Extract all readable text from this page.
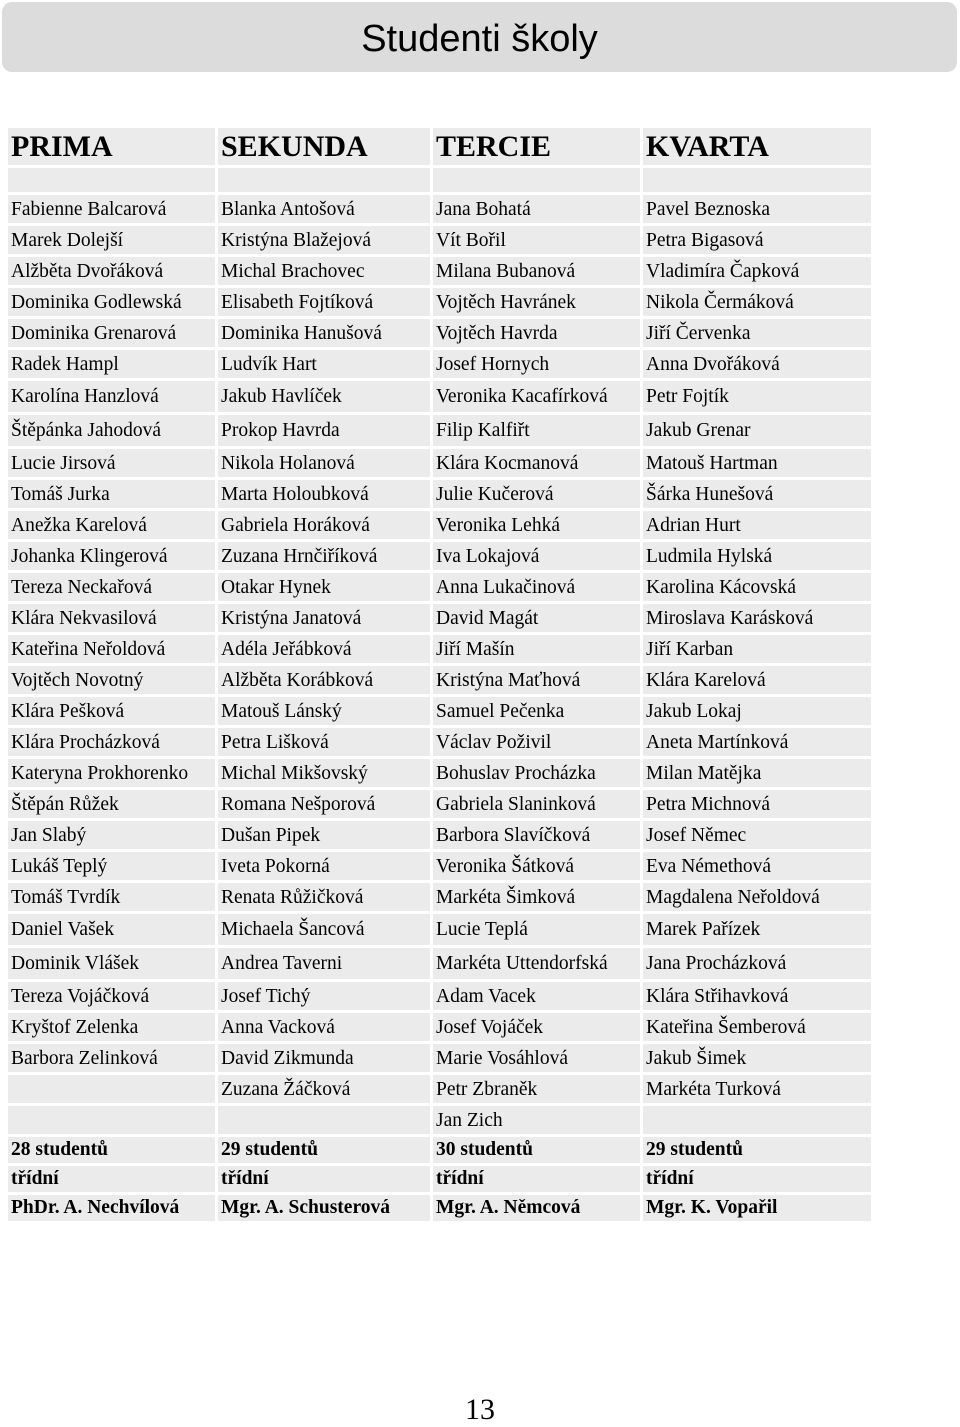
Studenti školy
PRIMA	SEKUNDA	TERCIE	KVARTA

Fabienne Balcarová	Blanka Antošová	Jana Bohatá	Pavel Beznoska
Marek Dolejší	Kristýna Blažejová	Vít Bořil	Petra Bigasová
Alžběta Dvořáková	Michal Brachovec	Milana Bubanová	Vladimíra Čapková
Dominika Godlewská	Elisabeth Fojtíková	Vojtěch Havránek	Nikola Čermáková
Dominika Grenarová	Dominika Hanušová	Vojtěch Havrda	Jiří Červenka
Radek Hampl	Ludvík Hart	Josef Hornych	Anna Dvořáková
Karolína Hanzlová	Jakub Havlíček	Veronika Kacafírková	Petr Fojtík
Štěpánka Jahodová	Prokop Havrda	Filip Kalfiřt	Jakub Grenar
Lucie Jirsová	Nikola Holanová	Klára Kocmanová	Matouš Hartman
Tomáš Jurka	Marta Holoubková	Julie Kučerová	Šárka Hunešová
Anežka Karelová	Gabriela Horáková	Veronika Lehká	Adrian Hurt
Johanka Klingerová	Zuzana Hrnčiříková	Iva Lokajová	Ludmila Hylská
Tereza Neckařová	Otakar Hynek	Anna Lukačinová	Karolina Kácovská
Klára Nekvasilová	Kristýna Janatová	David Magát	Miroslava Karásková
Kateřina Neřoldová	Adéla Jeřábková	Jiří Mašín	Jiří Karban
Vojtěch Novotný	Alžběta Korábková	Kristýna Maťhová	Klára Karelová
Klára Pešková	Matouš Lánský	Samuel Pečenka	Jakub Lokaj
Klára Procházková	Petra Lišková	Václav Poživil	Aneta Martínková
Kateryna Prokhorenko	Michal Mikšovský	Bohuslav Procházka	Milan Matějka
Štěpán Růžek	Romana Nešporová	Gabriela Slaninková	Petra Michnová
Jan Slabý	Dušan Pipek	Barbora Slavíčková	Josef Němec
Lukáš Teplý	Iveta Pokorná	Veronika Šátková	Eva Némethová
Tomáš Tvrdík	Renata Růžičková	Markéta Šimková	Magdalena Neřoldová
Daniel Vašek	Michaela Šancová	Lucie Teplá	Marek Pařízek
Dominik Vlášek	Andrea Taverni	Markéta Uttendorfská	Jana Procházková
Tereza Vojáčková	Josef Tichý	Adam Vacek	Klára Střihavková
Kryštof Zelenka	Anna Vacková	Josef Vojáček	Kateřina Šemberová
Barbora Zelinková	David Zikmunda	Marie Vosáhlová	Jakub Šimek
	Zuzana Žáčková	Petr Zbraněk	Markéta Turková
		Jan Zich	
28 studentů	29 studentů	30 studentů	29 studentů
třídní	třídní	třídní	třídní
PhDr. A. Nechvílová	Mgr. A. Schusterová	Mgr. A. Němcová	Mgr. K. Vopařil
13
